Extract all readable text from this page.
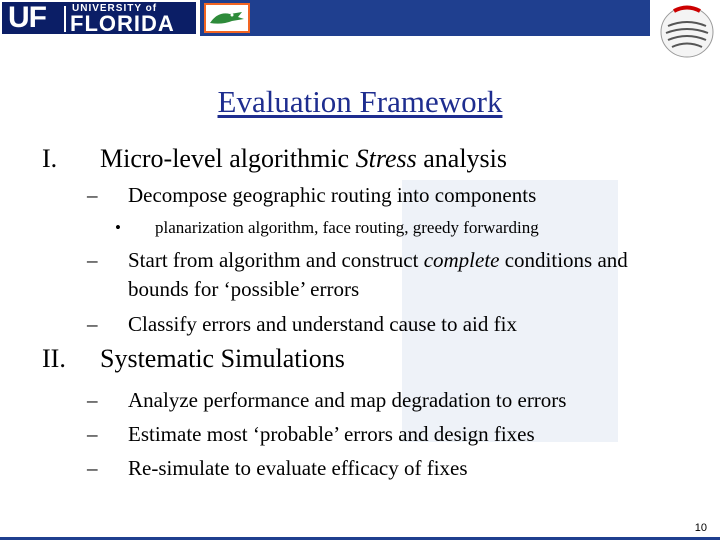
UF	UNIVERSITY of
FLORIDA
Evaluation Framework
I. Micro-level algorithmic Stress analysis
– Decompose geographic routing into components
• planarization algorithm, face routing, greedy forwarding
– Start from algorithm and construct complete conditions and
bounds for ‘possible’ errors
– Classify errors and understand cause to aid fix
II. Systematic Simulations
– Analyze performance and map degradation to errors
– Estimate most ‘probable’ errors and design fixes
– Re-simulate to evaluate efficacy of fixes
10
